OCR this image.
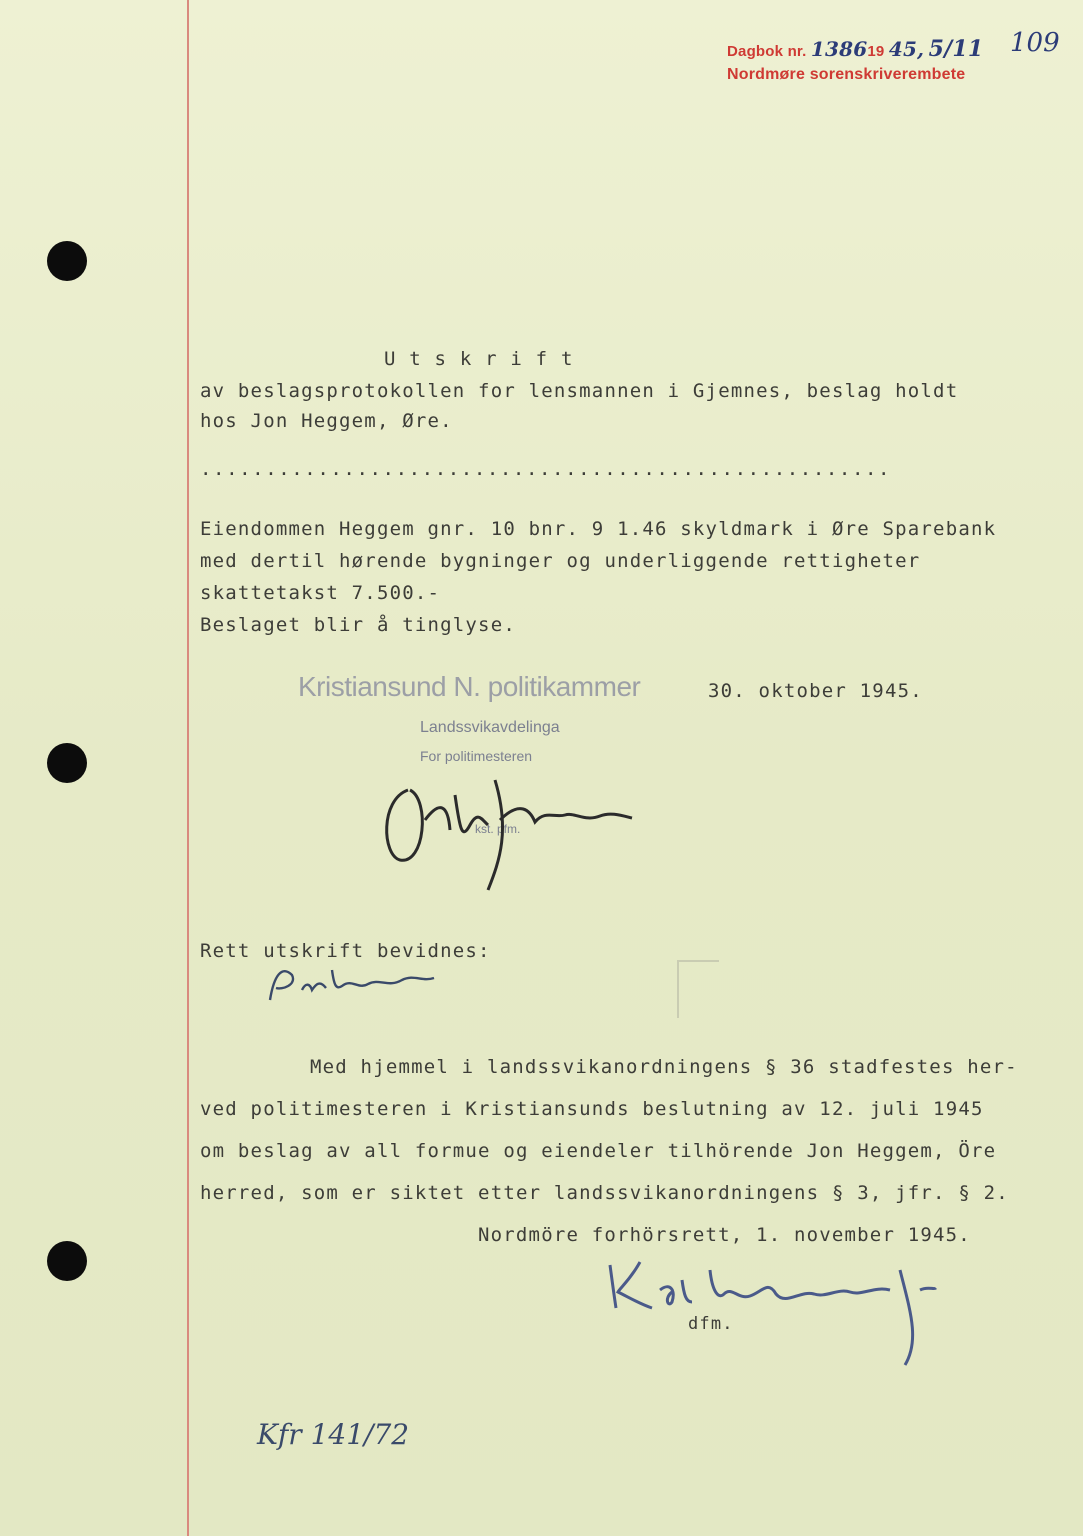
Dagbok nr. 138619 45, 5/11 109
Nordmøre sorenskriverembete
U t s k r i f t
av beslagsprotokollen for lensmannen i Gjemnes, beslag holdt
hos Jon Heggem, Øre.
.....................................................
Eiendommen Heggem gnr. 10 bnr. 9 1.46 skyldmark i Øre Sparebank
med dertil hørende bygninger og underliggende rettigheter
skattetakst 7.500.-
Beslaget blir å tinglyse.
Kristiansund N. politikammer
Landssvikavdelinga
For politimesteren
kst. pfm.
30. oktober 1945.
Rett utskrift bevidnes:
Med hjemmel i landssvikanordningens § 36 stadfestes her-
ved politimesteren i Kristiansunds beslutning av 12. juli 1945
om beslag av all formue og eiendeler tilhörende Jon Heggem, Öre
herred, som er siktet etter landssvikanordningens § 3, jfr. § 2.
Nordmöre forhörsrett, 1. november 1945.
dfm.
Kfr 141/72
